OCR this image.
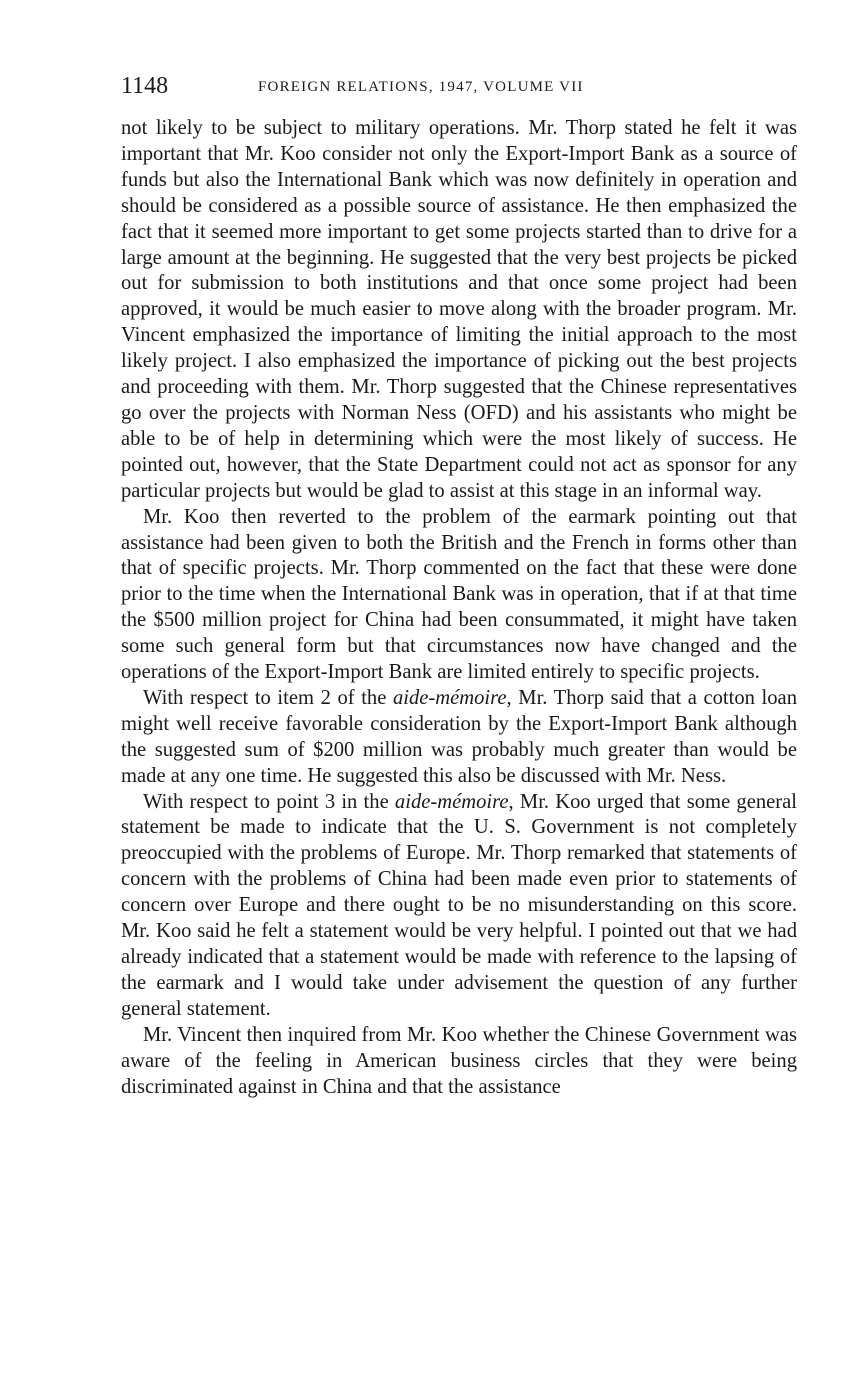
1148	FOREIGN RELATIONS, 1947, VOLUME VII

not likely to be subject to military operations. Mr. Thorp stated he felt it was important that Mr. Koo consider not only the Export-Import Bank as a source of funds but also the International Bank which was now definitely in operation and should be considered as a possible source of assistance. He then emphasized the fact that it seemed more important to get some projects started than to drive for a large amount at the beginning. He suggested that the very best projects be picked out for submission to both institutions and that once some project had been approved, it would be much easier to move along with the broader program. Mr. Vincent emphasized the importance of limiting the initial approach to the most likely project. I also emphasized the importance of picking out the best projects and proceeding with them. Mr. Thorp suggested that the Chinese representatives go over the projects with Norman Ness (OFD) and his assistants who might be able to be of help in determining which were the most likely of success. He pointed out, however, that the State Department could not act as sponsor for any particular projects but would be glad to assist at this stage in an informal way.

Mr. Koo then reverted to the problem of the earmark pointing out that assistance had been given to both the British and the French in forms other than that of specific projects. Mr. Thorp commented on the fact that these were done prior to the time when the International Bank was in operation, that if at that time the $500 million project for China had been consummated, it might have taken some such general form but that circumstances now have changed and the operations of the Export-Import Bank are limited entirely to specific projects.

With respect to item 2 of the aide-mémoire, Mr. Thorp said that a cotton loan might well receive favorable consideration by the Export-Import Bank although the suggested sum of $200 million was probably much greater than would be made at any one time. He suggested this also be discussed with Mr. Ness.

With respect to point 3 in the aide-mémoire, Mr. Koo urged that some general statement be made to indicate that the U. S. Government is not completely preoccupied with the problems of Europe. Mr. Thorp remarked that statements of concern with the problems of China had been made even prior to statements of concern over Europe and there ought to be no misunderstanding on this score. Mr. Koo said he felt a statement would be very helpful. I pointed out that we had already indicated that a statement would be made with reference to the lapsing of the earmark and I would take under advisement the question of any further general statement.

Mr. Vincent then inquired from Mr. Koo whether the Chinese Government was aware of the feeling in American business circles that they were being discriminated against in China and that the assistance
